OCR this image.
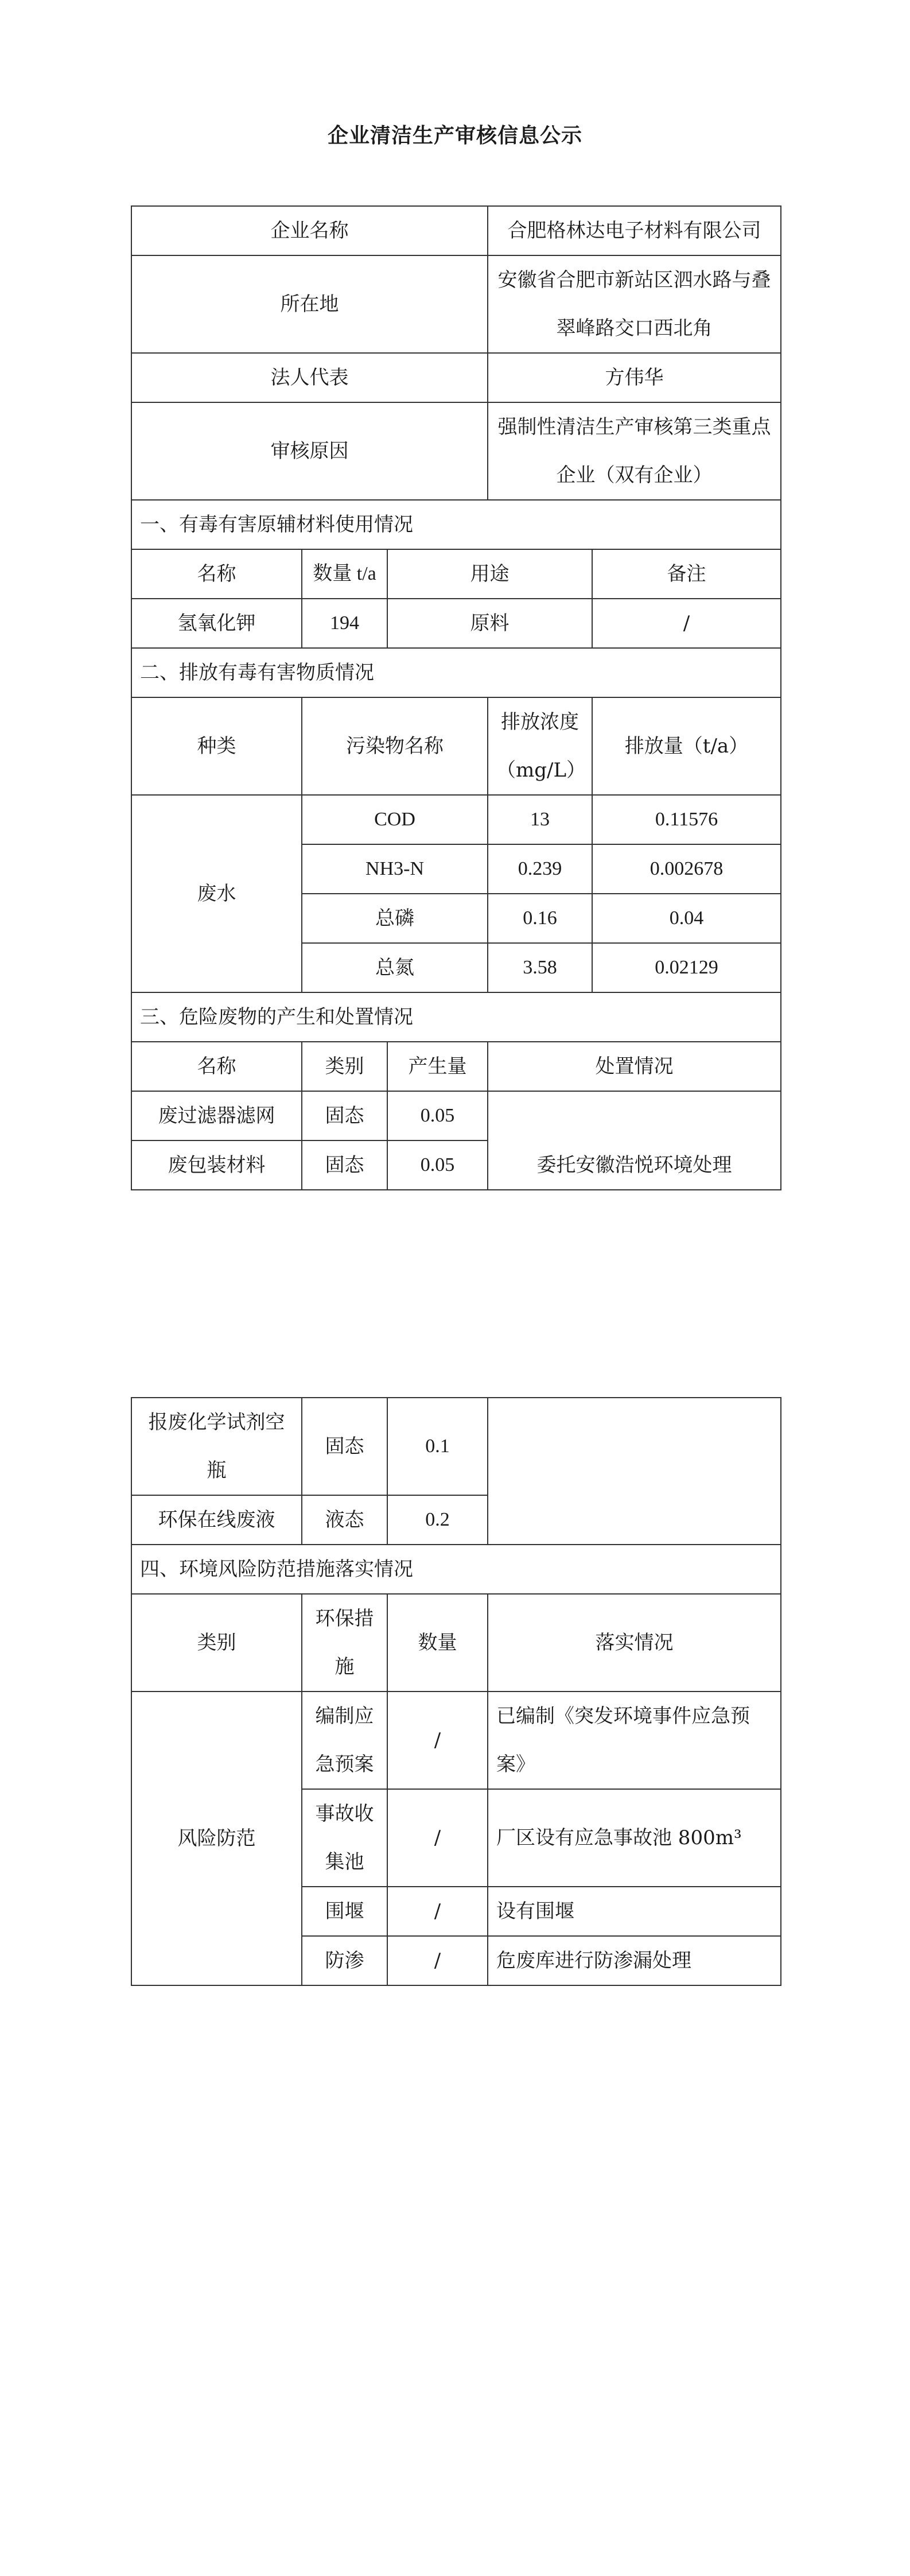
企业清洁生产审核信息公示
企业名称			合肥格林达电子材料有限公司	
所在地			安徽省合肥市新站区泗水路与叠翠峰路交口西北角	
法人代表			方伟华	
审核原因			强制性清洁生产审核第三类重点企业（双有企业）	
一、有毒有害原辅材料使用情况				
名称	数量 t/a	用途		备注
氢氧化钾	194	原料		/
二、排放有毒有害物质情况				
种类	污染物名称		排放浓度（mg/L）	排放量（t/a）
废水	COD		13	0.11576
	NH3-N		0.239	0.002678
	总磷		0.16	0.04
	总氮		3.58	0.02129
三、危险废物的产生和处置情况				
名称	类别	产生量	处置情况	
废过滤器滤网	固态	0.05	委托安徽浩悦环境处理	
废包装材料	固态	0.05		
报废化学试剂空瓶	固态	0.1	
环保在线废液	液态	0.2	
四、环境风险防范措施落实情况			
类别	环保措施	数量	落实情况
风险防范	编制应急预案	/	已编制《突发环境事件应急预案》
	事故收集池	/	厂区设有应急事故池 800m³
	围堰	/	设有围堰
	防渗	/	危废库进行防渗漏处理
